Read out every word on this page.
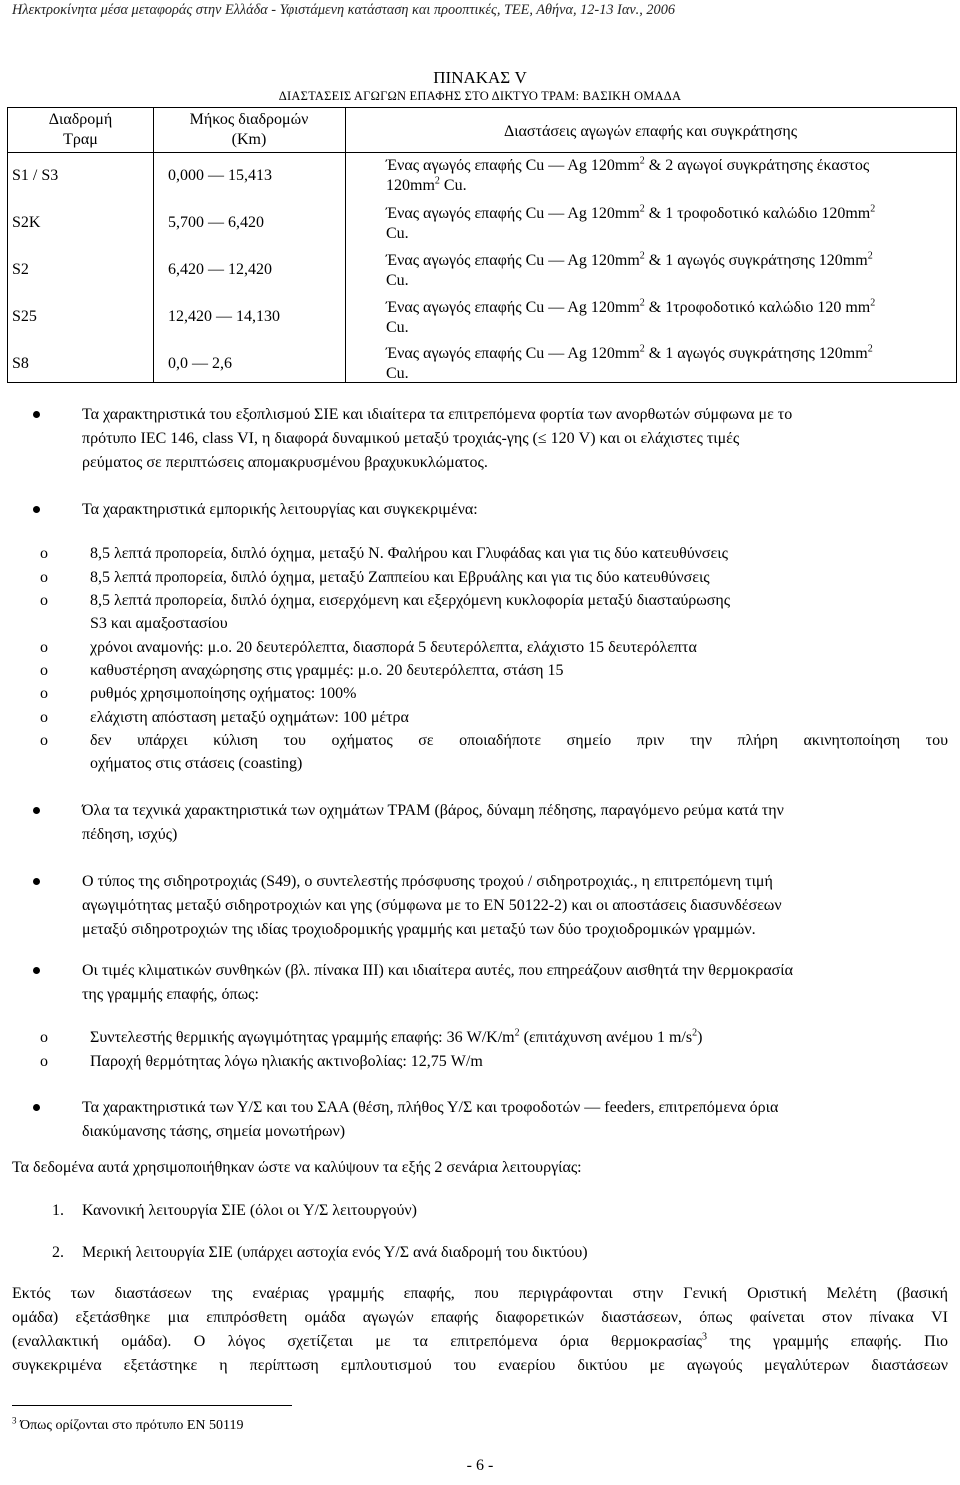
Ηλεκτροκίνητα μέσα μεταφοράς στην Ελλάδα - Υφιστάμενη κατάσταση και προοπτικές, ΤΕΕ, Αθήνα, 12-13 Ιαν., 2006
ΠΙΝΑΚΑΣ V
ΔΙΑΣΤΑΣΕΙΣ ΑΓΩΓΩΝ ΕΠΑΦΗΣ ΣΤΟ ΔΙΚΤΥΟ ΤΡΑΜ: ΒΑΣΙΚΗ ΟΜΑΔΑ
Διαδρομή
Τραμ
Μήκος διαδρομών
(Km)	Διαστάσεις αγωγών επαφής και συγκράτησης
S1 / S3	0,000 — 15,413
Ένας αγωγός επαφής Cu — Ag $120mm^2$ & 2 αγωγοί συγκράτησης έκαστος
$120mm^2$ Cu.
S2K	5,700 — 6,420
Ένας αγωγός επαφής Cu — Ag $120mm^2$ & 1 τροφοδοτικό καλώδιο $120mm^2$
Cu.
S2	6,420 — 12,420
Ένας αγωγός επαφής Cu — Ag $120mm^2$ & 1 αγωγός συγκράτησης $120mm^2$
Cu.
S25	12,420 — 14,130
Ένας αγωγός επαφής Cu — Ag $120mm^2$ & 1τροφοδοτικό καλώδιο 120 $mm^2$
Cu.
S8	0,0 — 2,6
Ένας αγωγός επαφής Cu — Ag $120mm^2$ & 1 αγωγός συγκράτησης $120mm^2$
Cu.
Τα χαρακτηριστικά του εξοπλισμού ΣΙΕ και ιδιαίτερα τα επιτρεπόμενα φορτία των ανορθωτών σύμφωνα με το
πρότυπο IEC 146, class VI, η διαφορά δυναμικού μεταξύ τροχιάς-γης (≤ 120 V) και οι ελάχιστες τιμές
ρεύματος σε περιπτώσεις απομακρυσμένου βραχυκυκλώματος.
Τα χαρακτηριστικά εμπορικής λειτουργίας και συγκεκριμένα:
o	8,5 λεπτά προπορεία, διπλό όχημα, μεταξύ Ν. Φαλήρου και Γλυφάδας και για τις δύο κατευθύνσεις
o	8,5 λεπτά προπορεία, διπλό όχημα, μεταξύ Ζαππείου και Εβρυάλης και για τις δύο κατευθύνσεις
o	8,5 λεπτά προπορεία, διπλό όχημα, εισερχόμενη και εξερχόμενη κυκλοφορία μεταξύ διασταύρωσης
S3 και αμαξοστασίου
o	χρόνοι αναμονής: μ.ο. 20 δευτερόλεπτα, διασπορά 5 δευτερόλεπτα, ελάχιστο 15 δευτερόλεπτα
o	καθυστέρηση αναχώρησης στις γραμμές: μ.ο. 20 δευτερόλεπτα, στάση 15
o	ρυθμός χρησιμοποίησης οχήματος: 100%
o	ελάχιστη απόσταση μεταξύ οχημάτων: 100 μέτρα
o	δεν υπάρχει κύλιση του οχήματος σε οποιαδήποτε σημείο πριν την πλήρη ακινητοποίηση του
οχήματος στις στάσεις (coasting)
Όλα τα τεχνικά χαρακτηριστικά των οχημάτων ΤΡΑΜ (βάρος, δύναμη πέδησης, παραγόμενο ρεύμα κατά την
πέδηση, ισχύς)
Ο τύπος της σιδηροτροχιάς (S49), ο συντελεστής πρόσφυσης τροχού / σιδηροτροχιάς., η επιτρεπόμενη τιμή
αγωγιμότητας μεταξύ σιδηροτροχιών και γης (σύμφωνα με το EN 50122-2) και οι αποστάσεις διασυνδέσεων
μεταξύ σιδηροτροχιών της ιδίας τροχιοδρομικής γραμμής και μεταξύ των δύο τροχιοδρομικών γραμμών.
Οι τιμές κλιματικών συνθηκών (βλ. πίνακα ΙΙΙ) και ιδιαίτερα αυτές, που επηρεάζουν αισθητά την θερμοκρασία
της γραμμής επαφής, όπως:
o	Συντελεστής θερμικής αγωγιμότητας γραμμής επαφής: 36 $W/K/m^2$ (επιτάχυνση ανέμου 1 $m/s^2$)
o	Παροχή θερμότητας λόγω ηλιακής ακτινοβολίας: 12,75 W/m
Τα χαρακτηριστικά των Υ/Σ και του ΣΑΑ (θέση, πλήθος Υ/Σ και τροφοδοτών — feeders, επιτρεπόμενα όρια
διακύμανσης τάσης, σημεία μονωτήρων)
Τα δεδομένα αυτά χρησιμοποιήθηκαν ώστε να καλύψουν τα εξής 2 σενάρια λειτουργίας:
1. Κανονική λειτουργία ΣΙΕ (όλοι οι Υ/Σ λειτουργούν)
2. Μερική λειτουργία ΣΙΕ (υπάρχει αστοχία ενός Υ/Σ ανά διαδρομή του δικτύου)
Εκτός των διαστάσεων της εναέριας γραμμής επαφής, που περιγράφονται στην Γενική Οριστική Μελέτη (βασική
ομάδα) εξετάσθηκε μια επιπρόσθετη ομάδα αγωγών επαφής διαφορετικών διαστάσεων, όπως φαίνεται στον πίνακα VI
(εναλλακτική ομάδα). Ο λόγος σχετίζεται με τα επιτρεπόμενα όρια θερμοκρασίας$^3$ της γραμμής επαφής. Πιο
συγκεκριμένα εξετάστηκε η περίπτωση εμπλουτισμού του εναερίου δικτύου με αγωγούς μεγαλύτερων διαστάσεων
$^3$ Όπως ορίζονται στο πρότυπο EN 50119
- 6 -
